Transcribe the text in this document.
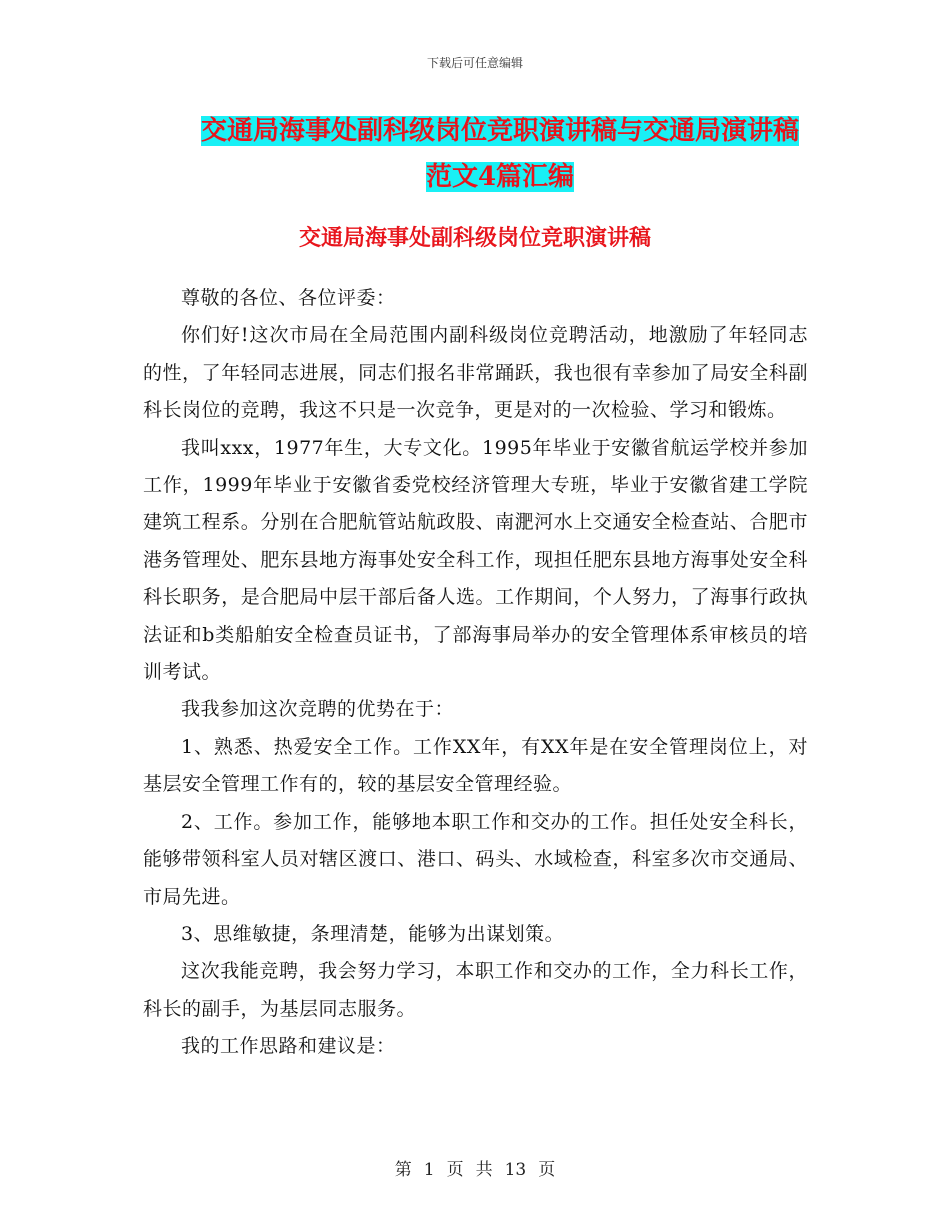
下载后可任意编辑
交通局海事处副科级岗位竞职演讲稿与交通局演讲稿
范文4篇汇编
交通局海事处副科级岗位竞职演讲稿

尊敬的各位、各位评委：

你们好!这次市局在全局范围内副科级岗位竞聘活动，地激励了年轻同志的性，了年轻同志进展，同志们报名非常踊跃，我也很有幸参加了局安全科副科长岗位的竞聘，我这不只是一次竞争，更是对的一次检验、学习和锻炼。

我叫xxx，1977年生，大专文化。1995年毕业于安徽省航运学校并参加工作，1999年毕业于安徽省委党校经济管理大专班，毕业于安徽省建工学院建筑工程系。分别在合肥航管站航政股、南淝河水上交通安全检查站、合肥市港务管理处、肥东县地方海事处安全科工作，现担任肥东县地方海事处安全科科长职务，是合肥局中层干部后备人选。工作期间，个人努力，了海事行政执法证和b类船舶安全检查员证书，了部海事局举办的安全管理体系审核员的培训考试。

我我参加这次竞聘的优势在于：

1、熟悉、热爱安全工作。工作XX年，有XX年是在安全管理岗位上，对基层安全管理工作有的，较的基层安全管理经验。

2、工作。参加工作，能够地本职工作和交办的工作。担任处安全科长，能够带领科室人员对辖区渡口、港口、码头、水域检查，科室多次市交通局、市局先进。

3、思维敏捷，条理清楚，能够为出谋划策。

这次我能竞聘，我会努力学习，本职工作和交办的工作，全力科长工作，科长的副手，为基层同志服务。

我的工作思路和建议是：

第 1 页 共 13 页
